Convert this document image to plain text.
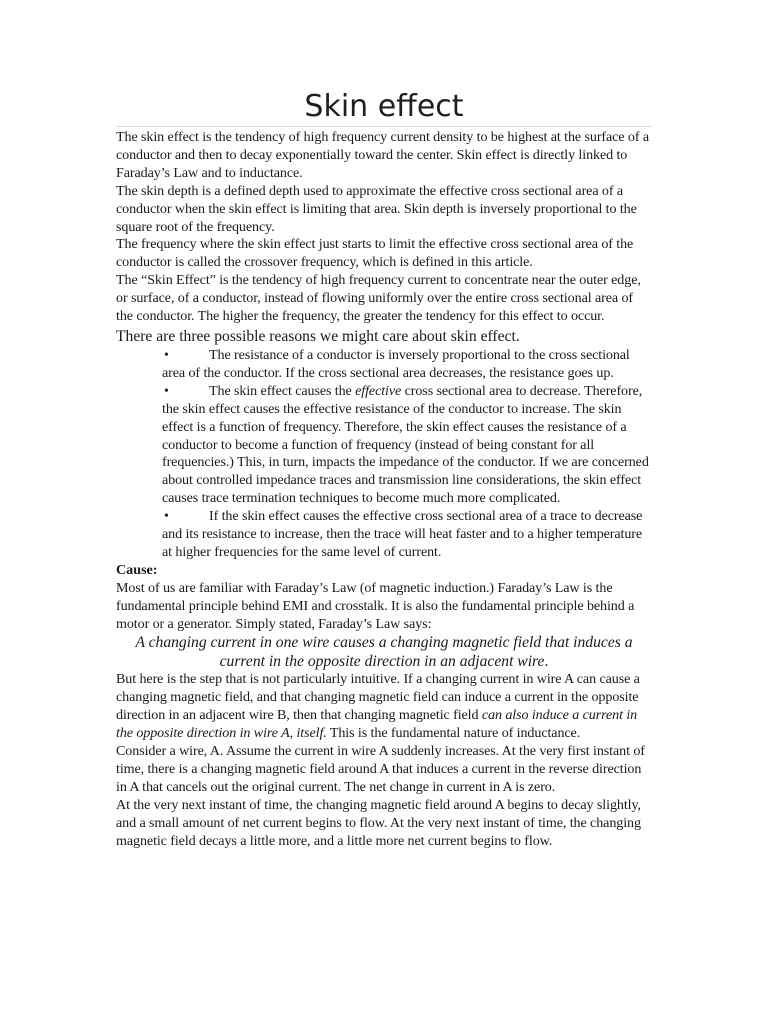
Skin effect

The skin effect is the tendency of high frequency current density to be highest at the surface of a conductor and then to decay exponentially toward the center. Skin effect is directly linked to Faraday’s Law and to inductance.

The skin depth is a defined depth used to approximate the effective cross sectional area of a conductor when the skin effect is limiting that area. Skin depth is inversely proportional to the square root of the frequency.

The frequency where the skin effect just starts to limit the effective cross sectional area of the conductor is called the crossover frequency, which is defined in this article.

The “Skin Effect” is the tendency of high frequency current to concentrate near the outer edge, or surface, of a conductor, instead of flowing uniformly over the entire cross sectional area of the conductor. The higher the frequency, the greater the tendency for this effect to occur.

There are three possible reasons we might care about skin effect.

•	The resistance of a conductor is inversely proportional to the cross sectional area of the conductor. If the cross sectional area decreases, the resistance goes up.
•	The skin effect causes the effective cross sectional area to decrease. Therefore, the skin effect causes the effective resistance of the conductor to increase. The skin effect is a function of frequency. Therefore, the skin effect causes the resistance of a conductor to become a function of frequency (instead of being constant for all frequencies.) This, in turn, impacts the impedance of the conductor. If we are concerned about controlled impedance traces and transmission line considerations, the skin effect causes trace termination techniques to become much more complicated.
•	If the skin effect causes the effective cross sectional area of a trace to decrease and its resistance to increase, then the trace will heat faster and to a higher temperature at higher frequencies for the same level of current.

Cause:

Most of us are familiar with Faraday’s Law (of magnetic induction.) Faraday’s Law is the fundamental principle behind EMI and crosstalk. It is also the fundamental principle behind a motor or a generator. Simply stated, Faraday’s Law says:

A changing current in one wire causes a changing magnetic field that induces a current in the opposite direction in an adjacent wire.

But here is the step that is not particularly intuitive. If a changing current in wire A can cause a changing magnetic field, and that changing magnetic field can induce a current in the opposite direction in an adjacent wire B, then that changing magnetic field can also induce a current in the opposite direction in wire A, itself. This is the fundamental nature of inductance.

Consider a wire, A. Assume the current in wire A suddenly increases. At the very first instant of time, there is a changing magnetic field around A that induces a current in the reverse direction in A that cancels out the original current. The net change in current in A is zero.

At the very next instant of time, the changing magnetic field around A begins to decay slightly, and a small amount of net current begins to flow. At the very next instant of time, the changing magnetic field decays a little more, and a little more net current begins to flow.
